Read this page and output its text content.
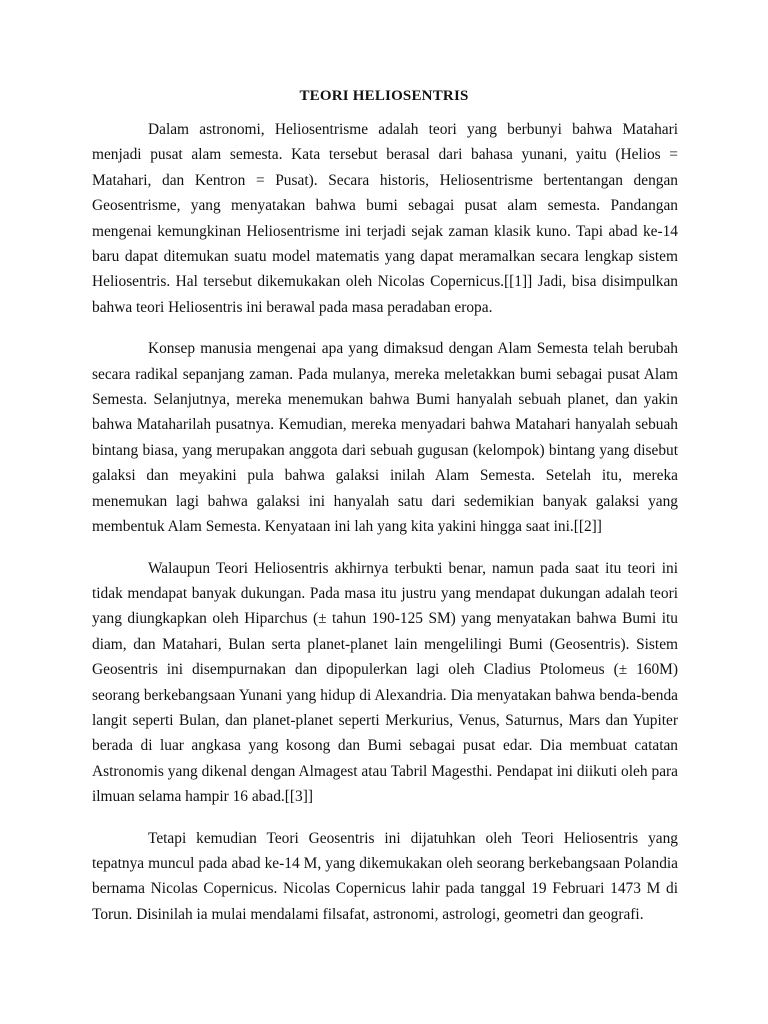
TEORI HELIOSENTRIS

Dalam astronomi, Heliosentrisme adalah teori yang berbunyi bahwa Matahari menjadi pusat alam semesta. Kata tersebut berasal dari bahasa yunani, yaitu (Helios = Matahari, dan Kentron = Pusat). Secara historis, Heliosentrisme bertentangan dengan Geosentrisme, yang menyatakan bahwa bumi sebagai pusat alam semesta. Pandangan mengenai kemungkinan Heliosentrisme ini terjadi sejak zaman klasik kuno. Tapi abad ke-14 baru dapat ditemukan suatu model matematis yang dapat meramalkan secara lengkap sistem Heliosentris. Hal tersebut dikemukakan oleh Nicolas Copernicus.[[1]] Jadi, bisa disimpulkan bahwa teori Heliosentris ini berawal pada masa peradaban eropa.

Konsep manusia mengenai apa yang dimaksud dengan Alam Semesta telah berubah secara radikal sepanjang zaman. Pada mulanya, mereka meletakkan bumi sebagai pusat Alam Semesta. Selanjutnya, mereka menemukan bahwa Bumi hanyalah sebuah planet, dan yakin bahwa Mataharilah pusatnya. Kemudian, mereka menyadari bahwa Matahari hanyalah sebuah bintang biasa, yang merupakan anggota dari sebuah gugusan (kelompok) bintang yang disebut galaksi dan meyakini pula bahwa galaksi inilah Alam Semesta. Setelah itu, mereka menemukan lagi bahwa galaksi ini hanyalah satu dari sedemikian banyak galaksi yang membentuk Alam Semesta. Kenyataan ini lah yang kita yakini hingga saat ini.[[2]]

Walaupun Teori Heliosentris akhirnya terbukti benar, namun pada saat itu teori ini tidak mendapat banyak dukungan. Pada masa itu justru yang mendapat dukungan adalah teori yang diungkapkan oleh Hiparchus (± tahun 190-125 SM) yang menyatakan bahwa Bumi itu diam, dan Matahari, Bulan serta planet-planet lain mengelilingi Bumi (Geosentris). Sistem Geosentris ini disempurnakan dan dipopulerkan lagi oleh Cladius Ptolomeus (± 160M) seorang berkebangsaan Yunani yang hidup di Alexandria. Dia menyatakan bahwa benda-benda langit seperti Bulan, dan planet-planet seperti Merkurius, Venus, Saturnus, Mars dan Yupiter berada di luar angkasa yang kosong dan Bumi sebagai pusat edar. Dia membuat catatan Astronomis yang dikenal dengan Almagest atau Tabril Magesthi. Pendapat ini diikuti oleh para ilmuan selama hampir 16 abad.[[3]]

Tetapi kemudian Teori Geosentris ini dijatuhkan oleh Teori Heliosentris yang tepatnya muncul pada abad ke-14 M, yang dikemukakan oleh seorang berkebangsaan Polandia bernama Nicolas Copernicus. Nicolas Copernicus lahir pada tanggal 19 Februari 1473 M di Torun. Disinilah ia mulai mendalami filsafat, astronomi, astrologi, geometri dan geografi.
